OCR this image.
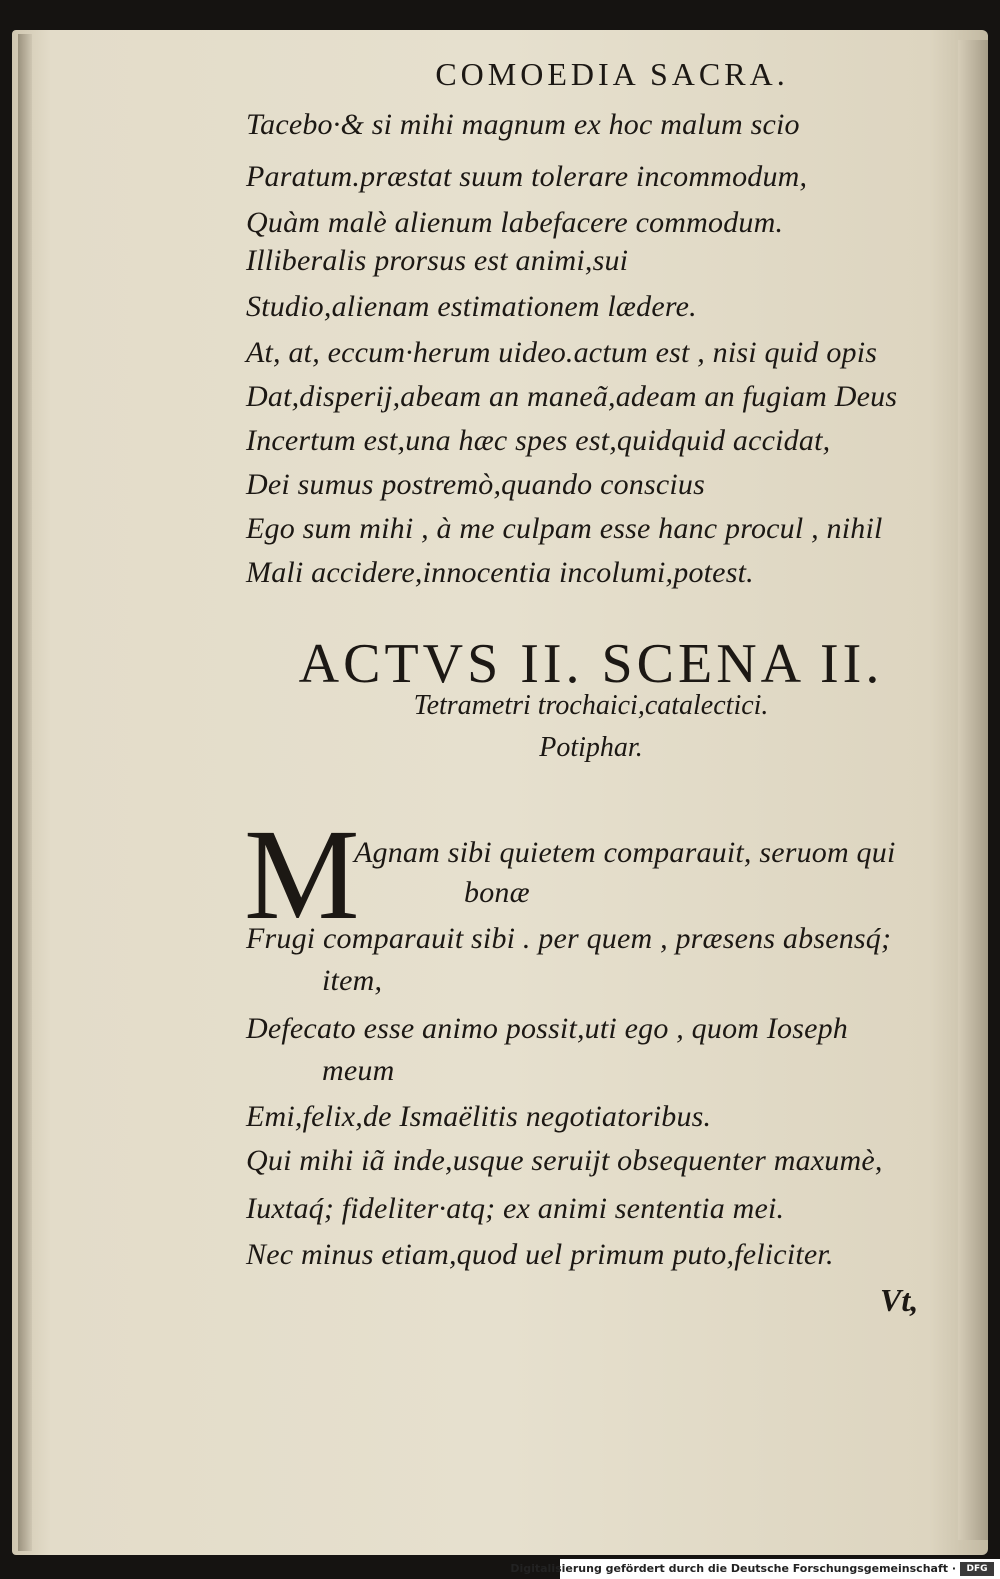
COMOEDIA SACRA.
Tacebo·& si mihi magnum ex hoc malum scio
Paratum.præstat suum tolerare incommodum,
Quàm malè alienum labefacere commodum.
Illiberalis prorsus est animi,sui
Studio,alienam estimationem lædere.
At, at, eccum·herum uideo.actum est , nisi quid opis
Dat,disperij,abeam an maneã,adeam an fugiam Deus
Incertum est,una hæc spes est,quidquid accidat,
Dei sumus postremò,quando conscius
Ego sum mihi , à me culpam esse hanc procul , nihil
Mali accidere,innocentia incolumi,potest.
ACTVS II. SCENA II.
Tetrametri trochaici,catalectici.
Potiphar.
M
Agnam sibi quietem comparauit, seruom qui
bonæ
Frugi comparauit sibi . per quem , præsens absensq́;
item,
Defecato esse animo possit,uti ego , quom Ioseph
meum
Emi,felix,de Ismaëlitis negotiatoribus.
Qui mihi iã inde,usque seruijt obsequenter maxumè,
Iuxtaq́; fideliter·atq; ex animi sententia mei.
Nec minus etiam,quod uel primum puto,feliciter.
Vt,
Digitalisierung gefördert durch die Deutsche Forschungsgemeinschaft ·	DFG
